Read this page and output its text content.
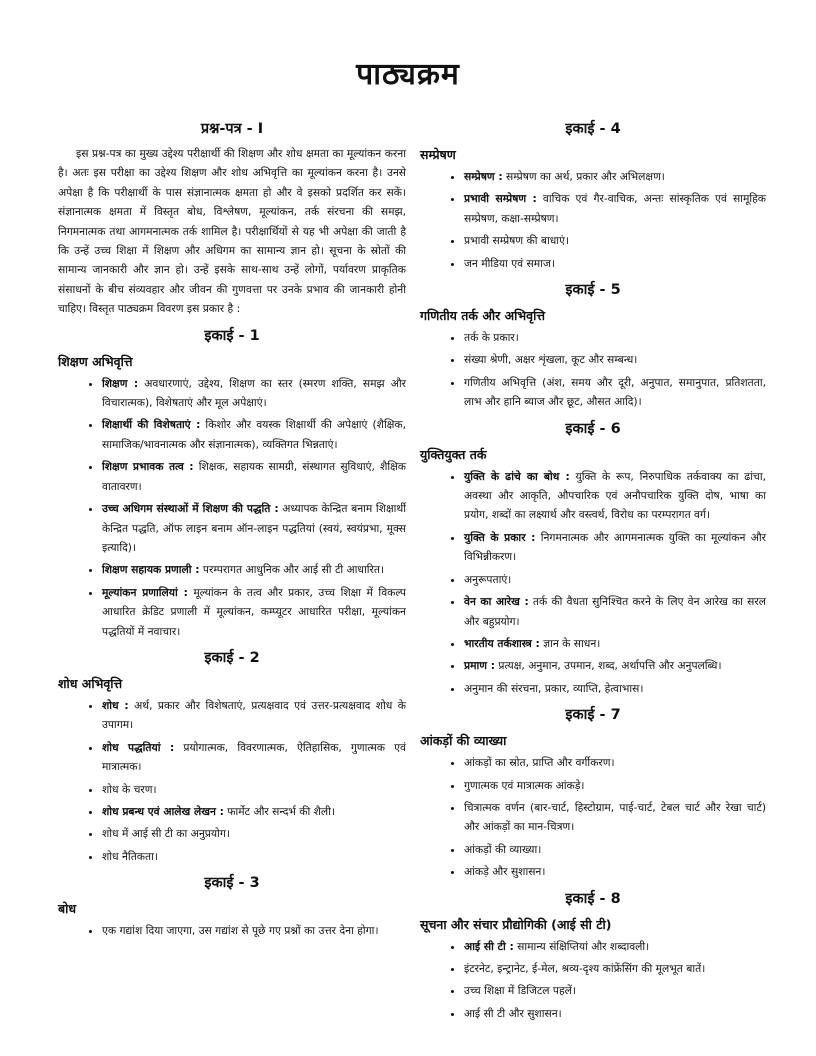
पाठ्यक्रम
प्रश्न-पत्र - I
इस प्रश्न-पत्र का मुख्य उद्देश्य परीक्षार्थी की शिक्षण और शोध क्षमता का मूल्यांकन करना है। अतः इस परीक्षा का उद्देश्य शिक्षण और शोध अभिवृत्ति का मूल्यांकन करना है। उनसे अपेक्षा है कि परीक्षार्थी के पास संज्ञानात्मक क्षमता हो और वे इसको प्रदर्शित कर सकें। संज्ञानात्मक क्षमता में विस्तृत बोध, विश्लेषण, मूल्यांकन, तर्क संरचना की समझ, निगमनात्मक तथा आगमनात्मक तर्क शामिल है। परीक्षार्थियों से यह भी अपेक्षा की जाती है कि उन्हें उच्च शिक्षा में शिक्षण और अधिगम का सामान्य ज्ञान हो। सूचना के स्रोतों की सामान्य जानकारी और ज्ञान हो। उन्हें इसके साथ-साथ उन्हें लोगों, पर्यावरण प्राकृतिक संसाधनों के बीच संव्यवहार और जीवन की गुणवत्ता पर उनके प्रभाव की जानकारी होनी चाहिए। विस्तृत पाठ्यक्रम विवरण इस प्रकार है :
इकाई - 1
शिक्षण अभिवृत्ति
• शिक्षण : अवधारणाएं, उद्देश्य, शिक्षण का स्तर (स्मरण शक्ति, समझ और विचारात्मक), विशेषताएं और मूल अपेक्षाएं।
• शिक्षार्थी की विशेषताएं : किशोर और वयस्क शिक्षार्थी की अपेक्षाएं (शैक्षिक, सामाजिक/भावनात्मक और संज्ञानात्मक), व्यक्तिगत भिन्नताएं।
• शिक्षण प्रभावक तत्व : शिक्षक, सहायक सामग्री, संस्थागत सुविधाएं, शैक्षिक वातावरण।
• उच्च अधिगम संस्थाओं में शिक्षण की पद्धति : अध्यापक केन्द्रित बनाम शिक्षार्थी केन्द्रित पद्धति, ऑफ लाइन बनाम ऑन-लाइन पद्धतियां (स्वयं, स्वयंप्रभा, मूक्स इत्यादि)।
• शिक्षण सहायक प्रणाली : परम्परागत आधुनिक और आई सी टी आधारित।
• मूल्यांकन प्रणालियां : मूल्यांकन के तत्व और प्रकार, उच्च शिक्षा में विकल्प आधारित क्रेडिट प्रणाली में मूल्यांकन, कम्प्यूटर आधारित परीक्षा, मूल्यांकन पद्धतियों में नवाचार।
इकाई - 2
शोध अभिवृत्ति
• शोध : अर्थ, प्रकार और विशेषताएं, प्रत्यक्षवाद एवं उत्तर-प्रत्यक्षवाद शोध के उपागम।
• शोध पद्धतियां : प्रयोगात्मक, विवरणात्मक, ऐतिहासिक, गुणात्मक एवं मात्रात्मक।
• शोध के चरण।
• शोध प्रबन्ध एवं आलेख लेखन : फार्मेट और सन्दर्भ की शैली।
• शोध में आई सी टी का अनुप्रयोग।
• शोध नैतिकता।
इकाई - 3
बोध
• एक गद्यांश दिया जाएगा, उस गद्यांश से पूछे गए प्रश्नों का उत्तर देना होगा।
इकाई - 4
सम्प्रेषण
• सम्प्रेषण : सम्प्रेषण का अर्थ, प्रकार और अभिलक्षण।
• प्रभावी सम्प्रेषण : वाचिक एवं गैर-वाचिक, अन्तः सांस्कृतिक एवं सामूहिक सम्प्रेषण, कक्षा-सम्प्रेषण।
• प्रभावी सम्प्रेषण की बाधाएं।
• जन मीडिया एवं समाज।
इकाई - 5
गणितीय तर्क और अभिवृत्ति
• तर्क के प्रकार।
• संख्या श्रेणी, अक्षर शृंखला, कूट और सम्बन्ध।
• गणितीय अभिवृत्ति (अंश, समय और दूरी, अनुपात, समानुपात, प्रतिशतता, लाभ और हानि ब्याज और छूट, औसत आदि)।
इकाई - 6
युक्तियुक्त तर्क
• युक्ति के ढांचे का बोध : युक्ति के रूप, निरुपाधिक तर्कवाक्य का ढांचा, अवस्था और आकृति, औपचारिक एवं अनौपचारिक युक्ति दोष, भाषा का प्रयोग, शब्दों का लक्ष्यार्थ और वस्त्वर्थ, विरोध का परम्परागत वर्ग।
• युक्ति के प्रकार : निगमनात्मक और आगमनात्मक युक्ति का मूल्यांकन और विभिन्नीकरण।
• अनुरूपताएं।
• वेन का आरेख : तर्क की वैधता सुनिश्चित करने के लिए वेन आरेख का सरल और बहुप्रयोग।
• भारतीय तर्कशास्त्र : ज्ञान के साधन।
• प्रमाण : प्रत्यक्ष, अनुमान, उपमान, शब्द, अर्थापत्ति और अनुपलब्धि।
• अनुमान की संरचना, प्रकार, व्याप्ति, हेत्वाभास।
इकाई - 7
आंकड़ों की व्याख्या
• आंकड़ों का स्रोत, प्राप्ति और वर्गीकरण।
• गुणात्मक एवं मात्रात्मक आंकड़े।
• चित्रात्मक वर्णन (बार-चार्ट, हिस्टोग्राम, पाई-चार्ट, टेबल चार्ट और रेखा चार्ट) और आंकड़ों का मान-चित्रण।
• आंकड़ों की व्याख्या।
• आंकड़े और सुशासन।
इकाई - 8
सूचना और संचार प्रौद्योगिकी (आई सी टी)
• आई सी टी : सामान्य संक्षिप्तियां और शब्दावली।
• इंटरनेट, इन्ट्रानेट, ई-मेल, श्रव्य-दृश्य कांफ्रेंसिंग की मूलभूत बातें।
• उच्च शिक्षा में डिजिटल पहलें।
• आई सी टी और सुशासन।
